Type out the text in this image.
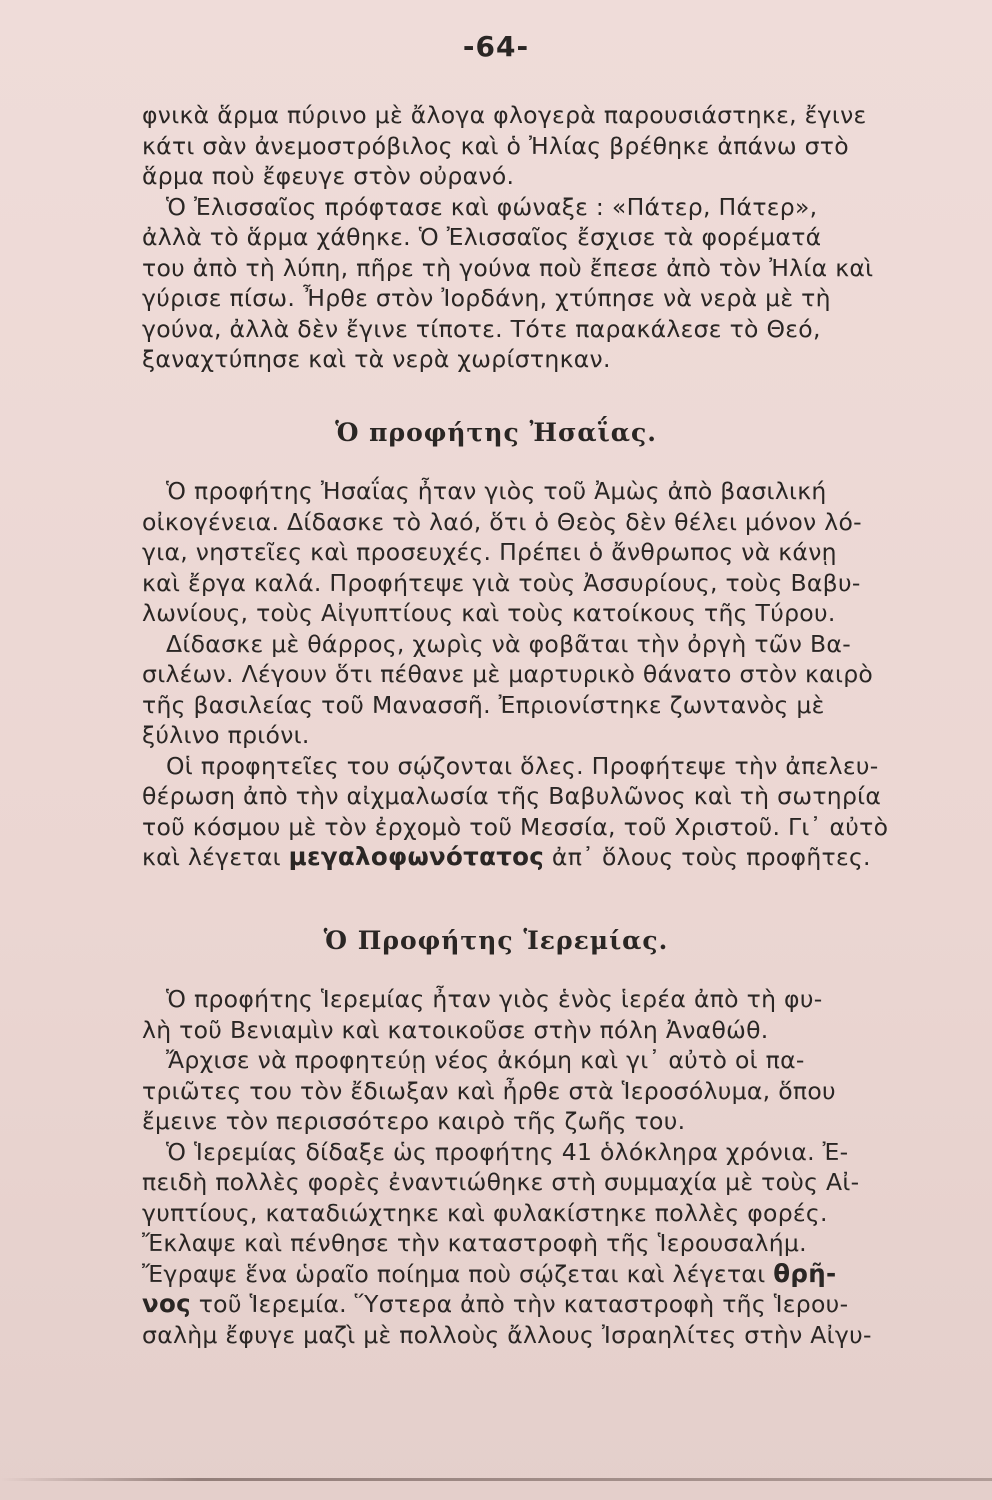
-64-
φνικὰ ἅρμα πύρινο μὲ ἄλογα φλογερὰ παρουσιάστηκε, ἔγινε
κάτι σὰν ἀνεμοστρόβιλος καὶ ὁ Ἠλίας βρέθηκε ἀπάνω στὸ
ἅρμα ποὺ ἔφευγε στὸν οὐρανό.
Ὁ Ἐλισσαῖος πρόφτασε καὶ φώναξε : «Πάτερ, Πάτερ»,
ἀλλὰ τὸ ἅρμα χάθηκε. Ὁ Ἐλισσαῖος ἔσχισε τὰ φορέματά
του ἀπὸ τὴ λύπη, πῆρε τὴ γούνα ποὺ ἔπεσε ἀπὸ τὸν Ἠλία καὶ
γύρισε πίσω. Ἦρθε στὸν Ἰορδάνη, χτύπησε νὰ νερὰ μὲ τὴ
γούνα, ἀλλὰ δὲν ἔγινε τίποτε. Τότε παρακάλεσε τὸ Θεό,
ξαναχτύπησε καὶ τὰ νερὰ χωρίστηκαν.
Ὁ προφήτης Ἠσαΐας.
Ὁ προφήτης Ἠσαΐας ἦταν γιὸς τοῦ Ἀμὼς ἀπὸ βασιλική
οἰκογένεια. Δίδασκε τὸ λαό, ὅτι ὁ Θεὸς δὲν θέλει μόνον λό-
για, νηστεῖες καὶ προσευχές. Πρέπει ὁ ἄνθρωπος νὰ κάνῃ
καὶ ἔργα καλά. Προφήτεψε γιὰ τοὺς Ἀσσυρίους, τοὺς Βαβυ-
λωνίους, τοὺς Αἰγυπτίους καὶ τοὺς κατοίκους τῆς Τύρου.
Δίδασκε μὲ θάρρος, χωρὶς νὰ φοβᾶται τὴν ὀργὴ τῶν Βα-
σιλέων. Λέγουν ὅτι πέθανε μὲ μαρτυρικὸ θάνατο στὸν καιρὸ
τῆς βασιλείας τοῦ Μανασσῆ. Ἐπριονίστηκε ζωντανὸς μὲ
ξύλινο πριόνι.
Οἱ προφητεῖες του σῴζονται ὅλες. Προφήτεψε τὴν ἀπελευ-
θέρωση ἀπὸ τὴν αἰχμαλωσία τῆς Βαβυλῶνος καὶ τὴ σωτηρία
τοῦ κόσμου μὲ τὸν ἐρχομὸ τοῦ Μεσσία, τοῦ Χριστοῦ. Γι᾿ αὐτὸ
καὶ λέγεται μεγαλοφωνότατος ἀπ᾿ ὅλους τοὺς προφῆτες.
Ὁ Προφήτης Ἱερεμίας.
Ὁ προφήτης Ἱερεμίας ἦταν γιὸς ἑνὸς ἱερέα ἀπὸ τὴ φυ-
λὴ τοῦ Βενιαμὶν καὶ κατοικοῦσε στὴν πόλη Ἀναθώθ.
Ἄρχισε νὰ προφητεύῃ νέος ἀκόμη καὶ γι᾿ αὐτὸ οἱ πα-
τριῶτες του τὸν ἔδιωξαν καὶ ἦρθε στὰ Ἱεροσόλυμα, ὅπου
ἔμεινε τὸν περισσότερο καιρὸ τῆς ζωῆς του.
Ὁ Ἱερεμίας δίδαξε ὡς προφήτης 41 ὁλόκληρα χρόνια. Ἐ-
πειδὴ πολλὲς φορὲς ἐναντιώθηκε στὴ συμμαχία μὲ τοὺς Αἰ-
γυπτίους, καταδιώχτηκε καὶ φυλακίστηκε πολλὲς φορές.
Ἔκλαψε καὶ πένθησε τὴν καταστροφὴ τῆς Ἱερουσαλήμ.
Ἔγραψε ἕνα ὡραῖο ποίημα ποὺ σῴζεται καὶ λέγεται θρῆ-
νος τοῦ Ἱερεμία. Ὕστερα ἀπὸ τὴν καταστροφὴ τῆς Ἱερου-
σαλὴμ ἔφυγε μαζὶ μὲ πολλοὺς ἄλλους Ἰσραηλίτες στὴν Αἰγυ-
